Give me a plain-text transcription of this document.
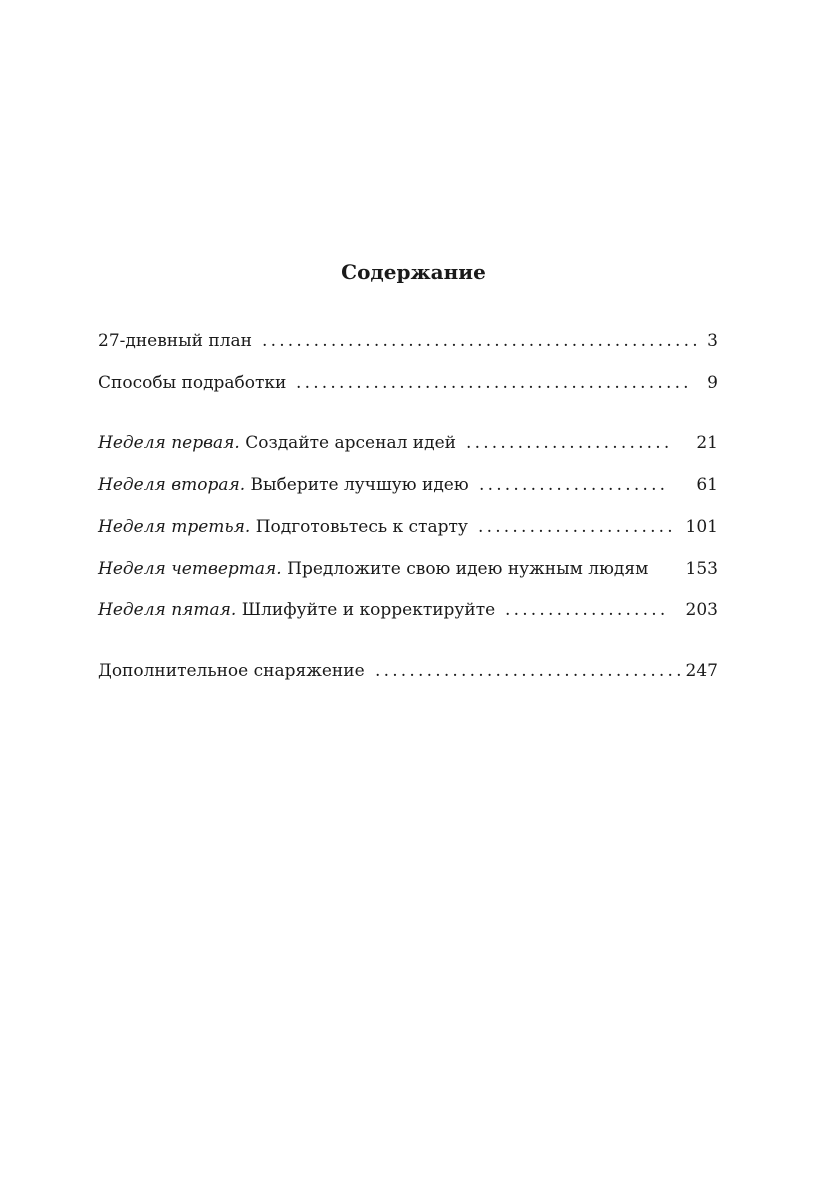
Содержание
27-дневный план ................................................... 3
Способы подработки .............................................. 9
Неделя первая. Создайте арсенал идей ........................ 21
Неделя вторая. Выберите лучшую идею ...................... 61
Неделя третья. Подготовьтесь к старту ....................... 101
Неделя четвертая. Предложите свою идею нужным людям 153
Неделя пятая. Шлифуйте и корректируйте ................... 203
Дополнительное снаряжение .................................... 247
